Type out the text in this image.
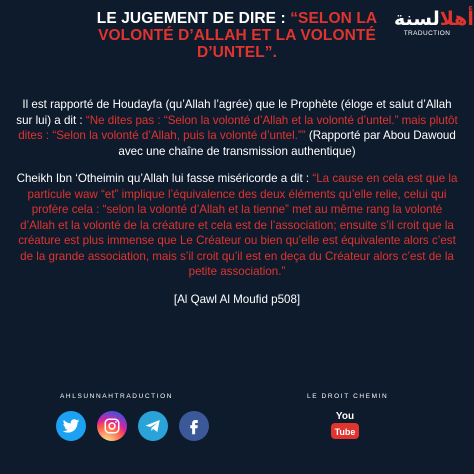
LE JUGEMENT DE DIRE : “SELON LA VOLONTÉ D’ALLAH ET LA VOLONTÉ D’UNTEL”.
أهلالسنة
TRADUCTION

Il est rapporté de Houdayfa (qu’Allah l’agrée) que le Prophète (éloge et salut d’Allah sur lui) a dit : “Ne dites pas : “Selon la volonté d’Allah et la volonté d’untel.” mais plutôt dites : “Selon la volonté d’Allah, puis la volonté d’untel.”” (Rapporté par Abou Dawoud avec une chaîne de transmission authentique)

Cheikh Ibn ‘Otheimin qu’Allah lui fasse miséricorde a dit : “La cause en cela est que la particule waw “et” implique l’équivalence des deux éléments qu’elle relie, celui qui profère cela : “selon la volonté d’Allah et la tienne” met au même rang la volonté d’Allah et la volonté de la créature et cela est de l’association; ensuite s’il croit que la créature est plus immense que Le Créateur ou bien qu’elle est équivalente alors c’est de la grande association, mais s’il croit qu’il est en deça du Créateur alors c’est de la petite association.”

[Al Qawl Al Moufid p508]

AHLSUNNAHTRADUCTION	LE DROIT CHEMIN
You
Tube
